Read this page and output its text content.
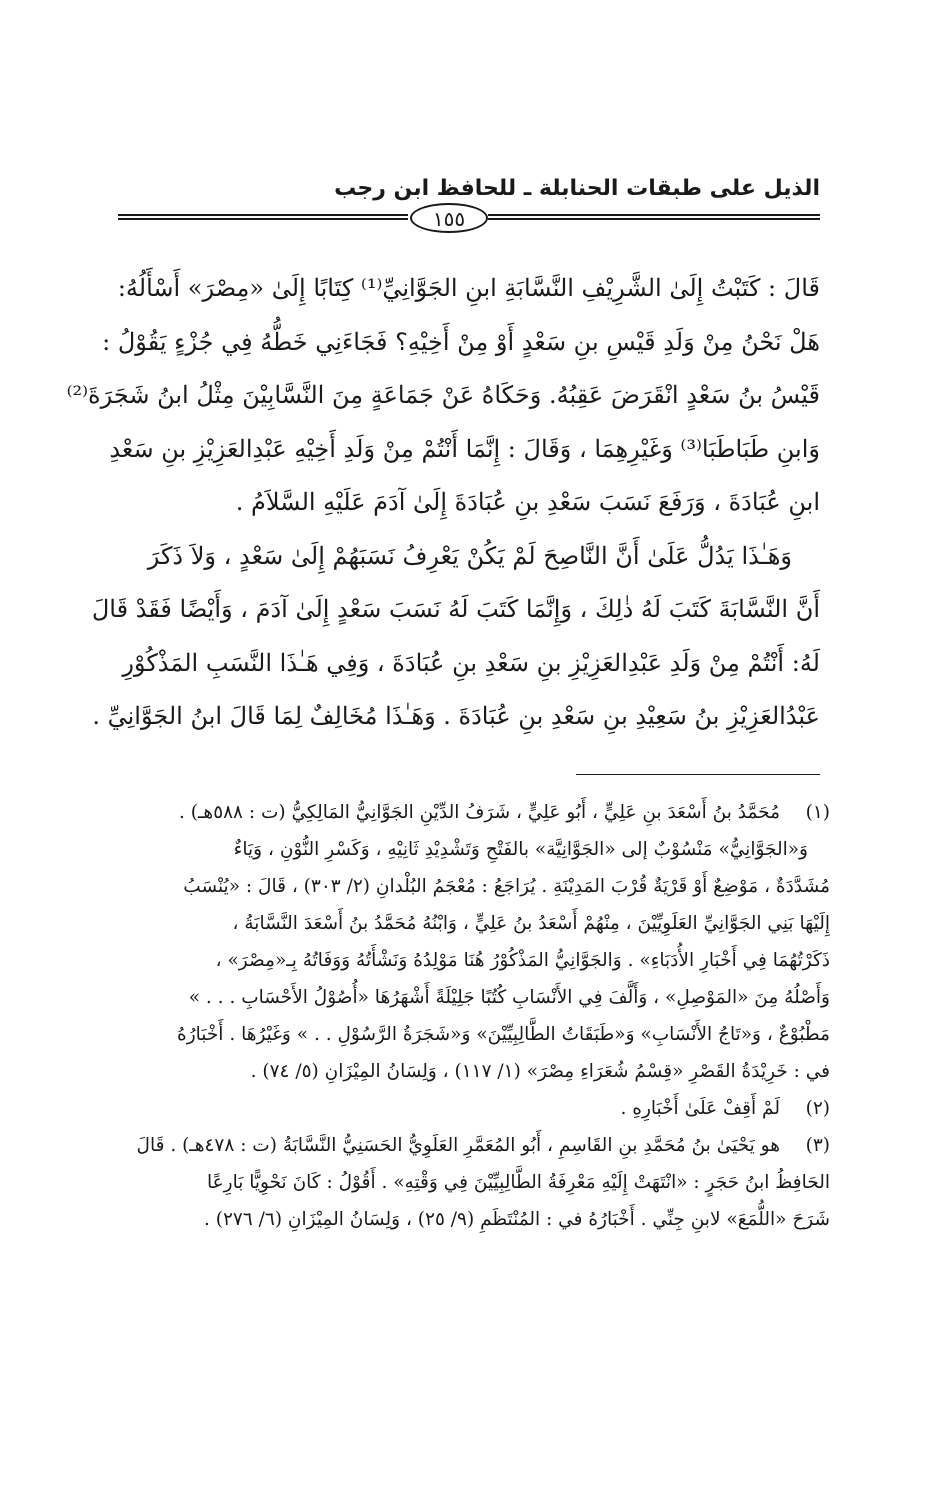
الذيل على طبقات الحنابلة ـ للحافظ ابن رجب
١٥٥
قَالَ : كَتَبْتُ إِلَىٰ الشَّرِيْفِ النَّسَّابَةِ ابنِ الجَوَّانِيِّ⁽¹⁾ كِتَابًا إِلَىٰ «مِصْرَ» أَسْأَلُهُ:
هَلْ نَحْنُ مِنْ وَلَدِ قَيْسِ بنِ سَعْدٍ أَوْ مِنْ أَخِيْهِ؟ فَجَاءَنِي خَطُّهُ فِي جُزْءٍ يَقُوْلُ :
قَيْسُ بنُ سَعْدٍ انْقَرَضَ عَقِبُهُ. وَحَكَاهُ عَنْ جَمَاعَةٍ مِنَ النَّسَّابِيْنَ مِثْلُ ابنُ شَجَرَةَ⁽²⁾
وَابنِ طَبَاطَبَا⁽³⁾ وَغَيْرِهِمَا ، وَقَالَ : إِنَّمَا أَنْتُمْ مِنْ وَلَدِ أَخِيْهِ عَبْدِالعَزِيْزِ بنِ سَعْدِ
ابنِ عُبَادَةَ ، وَرَفَعَ نَسَبَ سَعْدِ بنِ عُبَادَةَ إِلَىٰ آدَمَ عَلَيْهِ السَّلاَمُ .
وَهَـٰذَا يَدُلُّ عَلَىٰ أَنَّ النَّاصِحَ لَمْ يَكُنْ يَعْرِفُ نَسَبَهُمْ إِلَىٰ سَعْدٍ ، وَلاَ ذَكَرَ
أَنَّ النَّسَّابَةَ كَتَبَ لَهُ ذٰلِكَ ، وَإِنَّمَا كَتَبَ لَهُ نَسَبَ سَعْدٍ إِلَىٰ آدَمَ ، وَأَيْضًا فَقَدْ قَالَ
لَهُ: أَنْتُمْ مِنْ وَلَدِ عَبْدِالعَزِيْزِ بنِ سَعْدِ بنِ عُبَادَةَ ، وَفِي هَـٰذَا النَّسَبِ المَذْكُوْرِ
عَبْدُالعَزِيْزِ بنُ سَعِيْدِ بنِ سَعْدِ بنِ عُبَادَةَ . وَهَـٰذَا مُخَالِفٌ لِمَا قَالَ ابنُ الجَوَّانِيِّ .
(١)
مُحَمَّدُ بنُ أَسْعَدَ بنِ عَلِيٍّ ، أَبُو عَلِيٍّ ، شَرَفُ الدِّيْنِ الجَوَّانِيُّ المَالِكِيُّ (ت : ٥٨٨هـ) .
وَ«الجَوَّانِيُّ» مَنْسُوْبٌ إلى «الجَوَّانِيَّة» بالفَتْحِ وَتَشْدِيْدِ ثَانِيْهِ ، وَكَسْرِ النُّوْنِ ، وَيَاءٌ
مُشَدَّدَةٌ ، مَوْضِعٌ أَوْ قَرْيَةٌ قُرْبَ المَدِيْنَةِ . يُرَاجَعُ : مُعْجَمُ البُلْدانِ (٢/ ٣٠٣) ، قَالَ : «يُنْسَبُ
إِلَيْهَا بَنِي الجَوَّانِيِّ العَلَوِيِّيْنَ ، مِنْهُمْ أَسْعَدُ بنُ عَلِيٍّ ، وَابْنُهُ مُحَمَّدُ بنُ أَسْعَدَ النَّسَّابَةُ ،
ذَكَرْتُهُمَا فِي أَخْبَارِ الأُدَبَاءِ» . وَالجَوَّانِيُّ المَذْكُوْرُ هُنَا مَوْلِدُهُ وَنَشْأَتُهُ وَوَفَاتُهُ بِـ«مِصْرَ» ،
وَأَصْلُهُ مِنَ «المَوْصِلِ» ، وَأَلَّفَ فِي الأَنْسَابِ كُتُبًا جَلِيْلَةً أَشْهَرُهَا «أُصُوْلُ الأَحْسَابِ . . . »
مَطْبُوْعٌ ، وَ«تَاجُ الأَنْسَابِ» وَ«طَبَقَاتُ الطَّالِبِيِّيْنَ» وَ«شَجَرَةُ الرَّسُوْلِ . . » وَغَيْرُهَا . أَخْبَارُهُ
في : خَرِيْدَةُ القَصْرِ «قِسْمُ شُعَرَاءِ مِصْرَ» (١/ ١١٧) ، وَلِسَانُ المِيْزَانِ (٥/ ٧٤) .
(٢)
لَمْ أَقِفْ عَلَىٰ أَخْبَارِهِ .
(٣)
هو يَحْيَىٰ بنُ مُحَمَّدِ بنِ القَاسِمِ ، أَبُو المُعَمَّرِ العَلَوِيُّ الحَسَنِيُّ النَّسَّابَةُ (ت : ٤٧٨هـ) . قَالَ
الحَافِظُ ابنُ حَجَرٍ : «انْتَهَتْ إِلَيْهِ مَعْرِفَةُ الطَّالِبِيِّيْنَ فِي وَقْتِهِ» . أَقُوْلُ : كَانَ نَحْوِيًّا بَارِعًا
شَرَحَ «اللُّمَعَ» لابنِ جِنِّي . أَخْبَارُهُ في : المُنْتَظَمِ (٩/ ٢٥) ، وَلِسَانُ المِيْزَانِ (٦/ ٢٧٦) .
